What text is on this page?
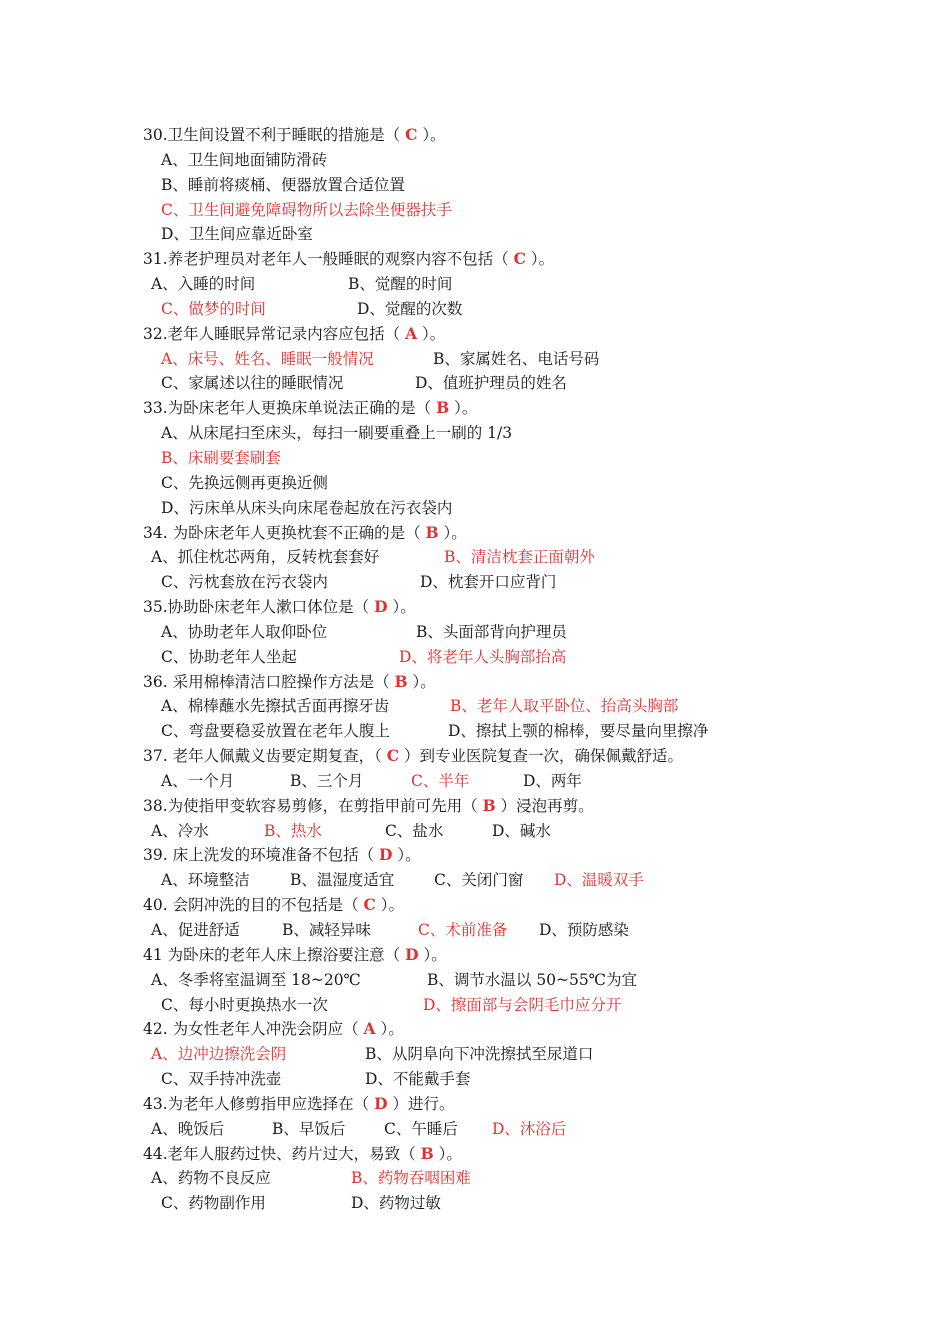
30.卫生间设置不利于睡眠的措施是（ C ）。
A、卫生间地面铺防滑砖
B、睡前将痰桶、便器放置合适位置
C、卫生间避免障碍物所以去除坐便器扶手
D、卫生间应靠近卧室
31.养老护理员对老年人一般睡眠的观察内容不包括（ C ）。
A、入睡的时间	B、觉醒的时间
C、做梦的时间	D、觉醒的次数
32.老年人睡眠异常记录内容应包括（ A ）。
A、床号、姓名、睡眠一般情况	B、家属姓名、电话号码
C、家属述以往的睡眠情况	D、值班护理员的姓名
33.为卧床老年人更换床单说法正确的是（ B ）。
A、从床尾扫至床头，每扫一刷要重叠上一刷的 1/3
B、床刷要套刷套
C、先换远侧再更换近侧
D、污床单从床头向床尾卷起放在污衣袋内
34. 为卧床老年人更换枕套不正确的是（ B ）。
A、抓住枕芯两角，反转枕套套好	B、清洁枕套正面朝外
C、污枕套放在污衣袋内	D、枕套开口应背门
35.协助卧床老年人漱口体位是（ D ）。
A、协助老年人取仰卧位	B、头面部背向护理员
C、协助老年人坐起	D、将老年人头胸部抬高
36. 采用棉棒清洁口腔操作方法是（ B ）。
A、棉棒蘸水先擦拭舌面再擦牙齿	B、老年人取平卧位、抬高头胸部
C、弯盘要稳妥放置在老年人腹上	D、擦拭上颚的棉棒，要尽量向里擦净
37. 老年人佩戴义齿要定期复查，（ C ）到专业医院复查一次，确保佩戴舒适。
A、一个月	B、三个月	C、半年	D、两年
38.为使指甲变软容易剪修，在剪指甲前可先用（ B ）浸泡再剪。
A、冷水	B、热水	C、盐水	D、碱水
39. 床上洗发的环境准备不包括（ D ）。
A、环境整洁	B、温湿度适宜	C、关闭门窗 D、温暖双手
40. 会阴冲洗的目的不包括是（ C ）。
A、促进舒适	B、减轻异味	C、术前准备 D、预防感染
41 为卧床的老年人床上擦浴要注意（ D ）。
A、冬季将室温调至 18~20℃	B、调节水温以 50~55℃为宜
C、每小时更换热水一次	D、擦面部与会阴毛巾应分开
42. 为女性老年人冲洗会阴应（ A ）。
A、边冲边擦洗会阴	B、从阴阜向下冲洗擦拭至尿道口
C、双手持冲洗壶	D、不能戴手套
43.为老年人修剪指甲应选择在（ D ）进行。
A、晚饭后	B、早饭后 C、午睡后 D、沐浴后
44.老年人服药过快、药片过大，易致（ B ）。
A、药物不良反应	B、药物吞咽困难
C、药物副作用	D、药物过敏
